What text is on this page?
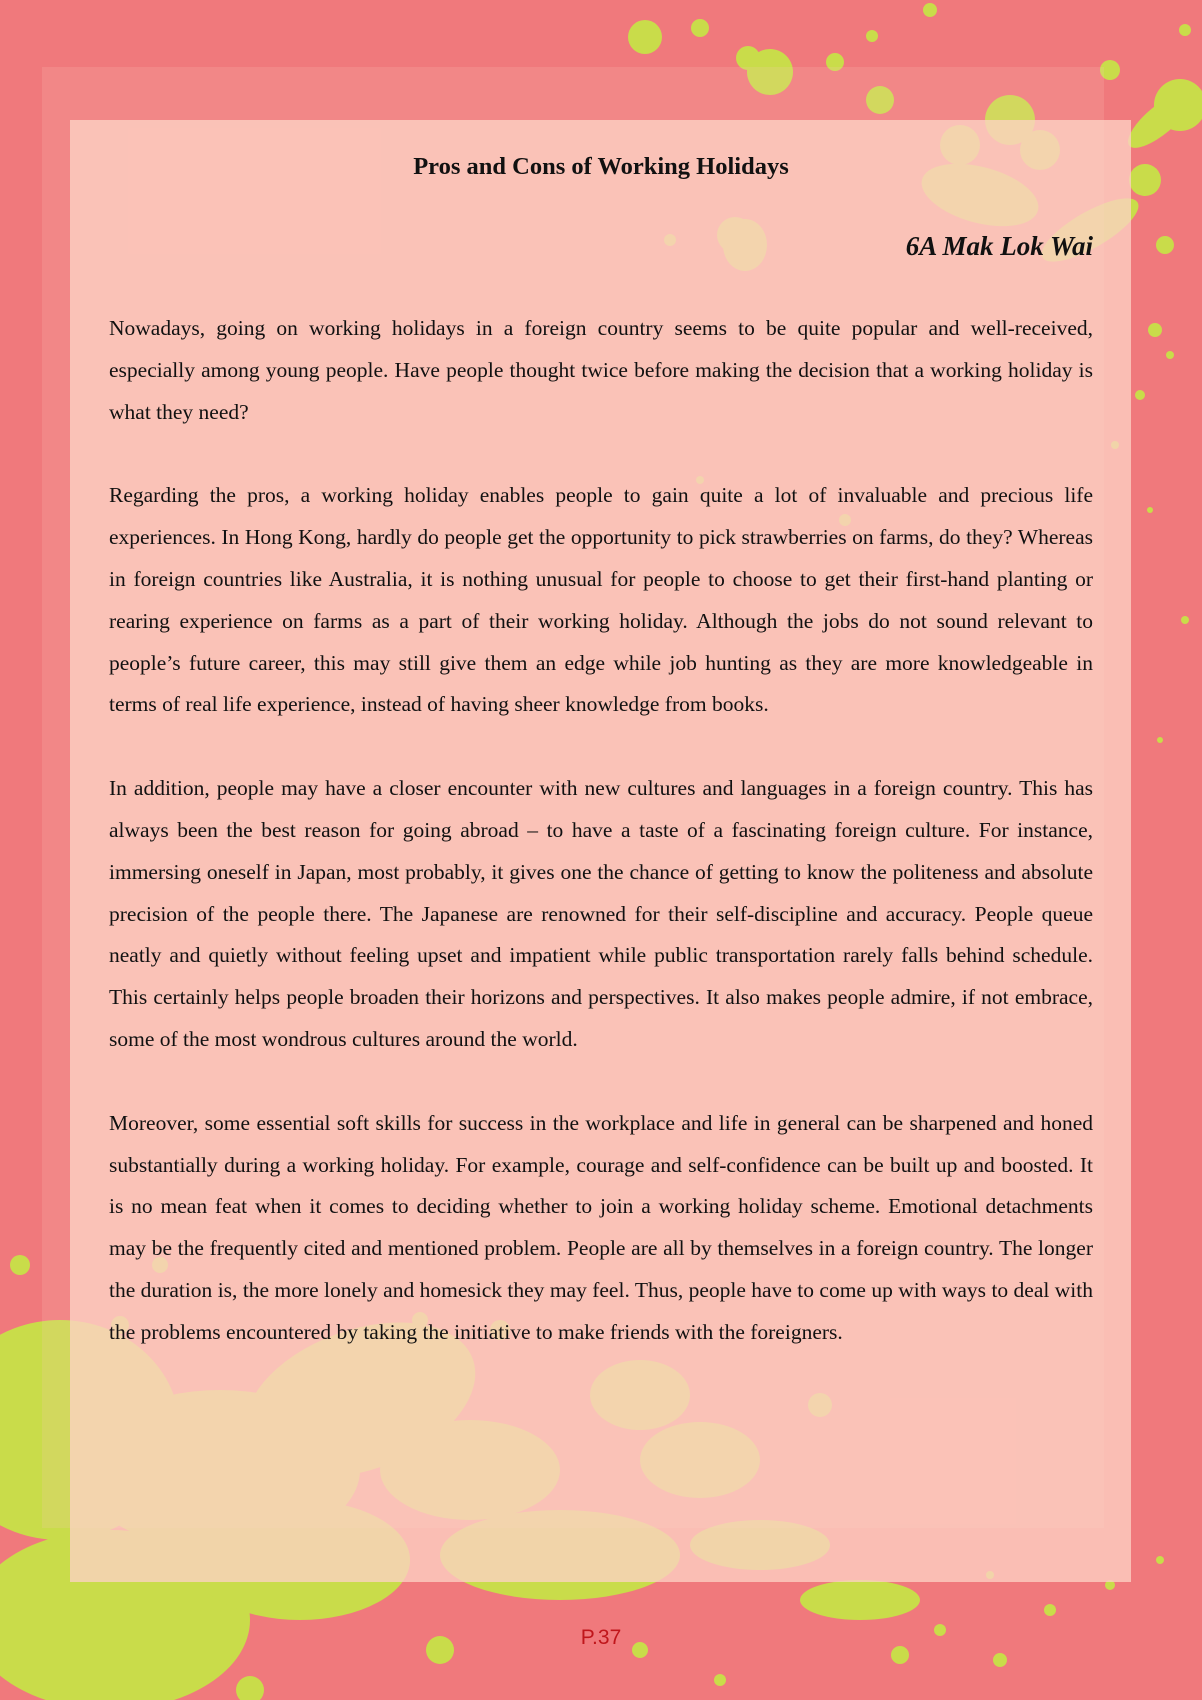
Pros and Cons of Working Holidays
6A Mak Lok Wai

Nowadays, going on working holidays in a foreign country seems to be quite popular and well-received, especially among young people. Have people thought twice before making the decision that a working holiday is what they need?

Regarding the pros, a working holiday enables people to gain quite a lot of invaluable and precious life experiences. In Hong Kong, hardly do people get the opportunity to pick strawberries on farms, do they? Whereas in foreign countries like Australia, it is nothing unusual for people to choose to get their first-hand planting or rearing experience on farms as a part of their working holiday. Although the jobs do not sound relevant to people’s future career, this may still give them an edge while job hunting as they are more knowledgeable in terms of real life experience, instead of having sheer knowledge from books.

In addition, people may have a closer encounter with new cultures and languages in a foreign country. This has always been the best reason for going abroad – to have a taste of a fascinating foreign culture. For instance, immersing oneself in Japan, most probably, it gives one the chance of getting to know the politeness and absolute precision of the people there. The Japanese are renowned for their self-discipline and accuracy. People queue neatly and quietly without feeling upset and impatient while public transportation rarely falls behind schedule. This certainly helps people broaden their horizons and perspectives. It also makes people admire, if not embrace, some of the most wondrous cultures around the world.

Moreover, some essential soft skills for success in the workplace and life in general can be sharpened and honed substantially during a working holiday. For example, courage and self-confidence can be built up and boosted. It is no mean feat when it comes to deciding whether to join a working holiday scheme. Emotional detachments may be the frequently cited and mentioned problem. People are all by themselves in a foreign country. The longer the duration is, the more lonely and homesick they may feel. Thus, people have to come up with ways to deal with the problems encountered by taking the initiative to make friends with the foreigners.

P.37
